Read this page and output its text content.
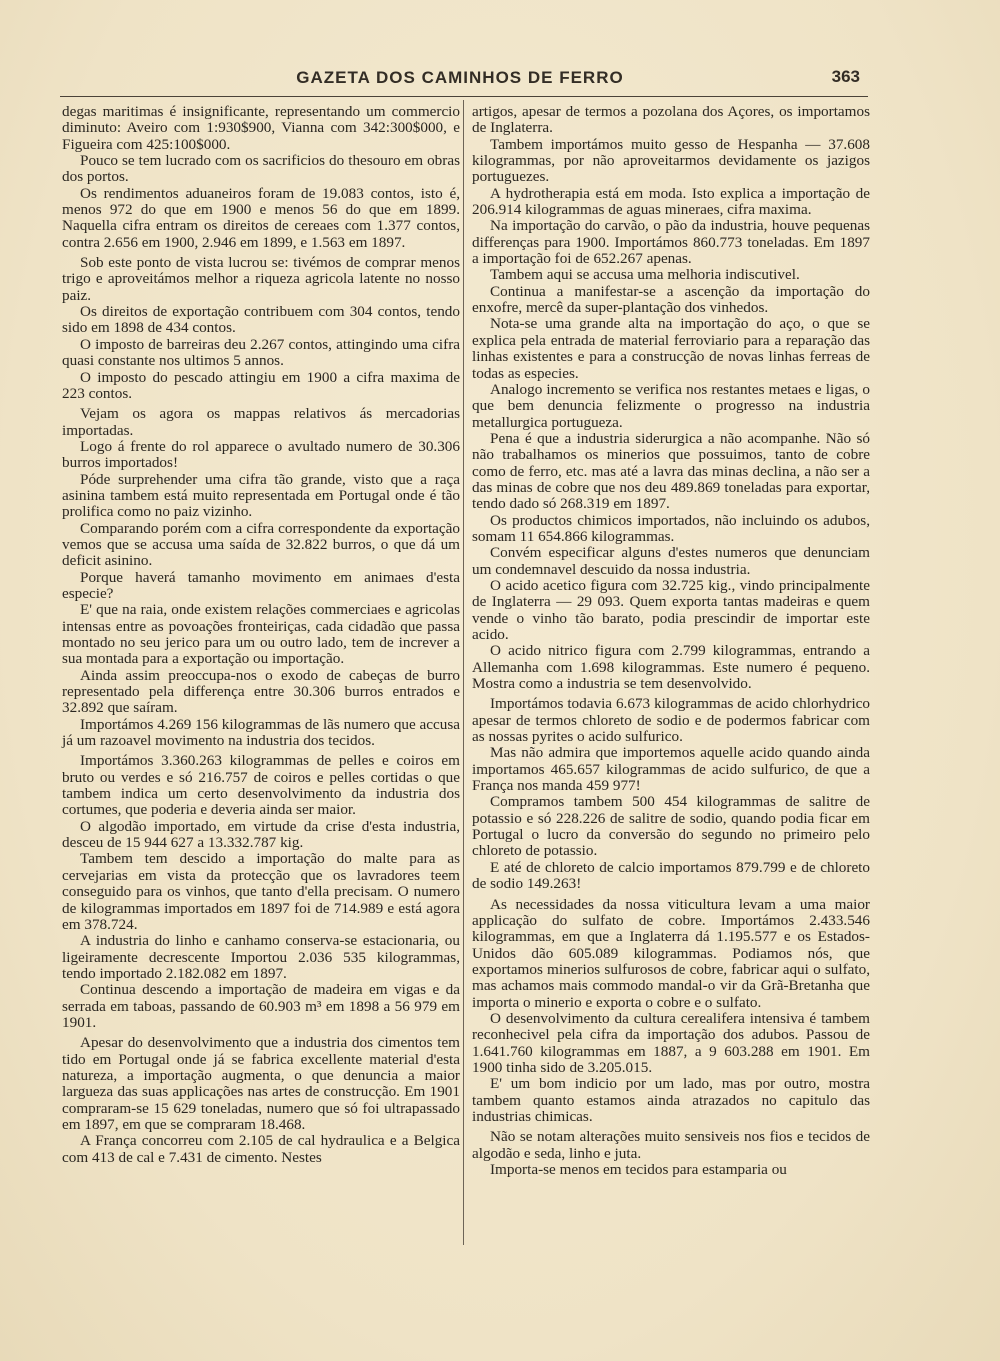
GAZETA DOS CAMINHOS DE FERRO	363

degas maritimas é insignificante, representando um commercio diminuto: Aveiro com 1:930$900, Vianna com 342:300$000, e Figueira com 425:100$000.

Pouco se tem lucrado com os sacrificios do thesouro em obras dos portos.

Os rendimentos aduaneiros foram de 19.083 contos, isto é, menos 972 do que em 1900 e menos 56 do que em 1899. Naquella cifra entram os direitos de cereaes com 1.377 contos, contra 2.656 em 1900, 2.946 em 1899, e 1.563 em 1897.

Sob este ponto de vista lucrou se: tivémos de comprar menos trigo e aproveitámos melhor a riqueza agricola latente no nosso paiz.

Os direitos de exportação contribuem com 304 contos, tendo sido em 1898 de 434 contos.

O imposto de barreiras deu 2.267 contos, attingindo uma cifra quasi constante nos ultimos 5 annos.

O imposto do pescado attingiu em 1900 a cifra maxima de 223 contos.

Vejam os agora os mappas relativos ás mercadorias importadas.

Logo á frente do rol apparece o avultado numero de 30.306 burros importados!

Póde surprehender uma cifra tão grande, visto que a raça asinina tambem está muito representada em Portugal onde é tão prolifica como no paiz vizinho.

Comparando porém com a cifra correspondente da exportação vemos que se accusa uma saída de 32.822 burros, o que dá um deficit asinino.

Porque haverá tamanho movimento em animaes d'esta especie?

E' que na raia, onde existem relações commerciaes e agricolas intensas entre as povoações fronteiriças, cada cidadão que passa montado no seu jerico para um ou outro lado, tem de increver a sua montada para a exportação ou importação.

Ainda assim preoccupa-nos o exodo de cabeças de burro representado pela differença entre 30.306 burros entrados e 32.892 que saíram.

Importámos 4.269 156 kilogrammas de lãs numero que accusa já um razoavel movimento na industria dos tecidos.

Importámos 3.360.263 kilogrammas de pelles e coiros em bruto ou verdes e só 216.757 de coiros e pelles cortidas o que tambem indica um certo desenvolvimento da industria dos cortumes, que poderia e deveria ainda ser maior.

O algodão importado, em virtude da crise d'esta industria, desceu de 15 944 627 a 13.332.787 kig.

Tambem tem descido a importação do malte para as cervejarias em vista da protecção que os lavradores teem conseguido para os vinhos, que tanto d'ella precisam. O numero de kilogrammas importados em 1897 foi de 714.989 e está agora em 378.724.

A industria do linho e canhamo conserva-se estacionaria, ou ligeiramente decrescente Importou 2.036 535 kilogrammas, tendo importado 2.182.082 em 1897.

Continua descendo a importação de madeira em vigas e da serrada em taboas, passando de 60.903 m³ em 1898 a 56 979 em 1901.

Apesar do desenvolvimento que a industria dos cimentos tem tido em Portugal onde já se fabrica excellente material d'esta natureza, a importação augmenta, o que denuncia a maior largueza das suas applicações nas artes de construcção. Em 1901 compraram-se 15 629 toneladas, numero que só foi ultrapassado em 1897, em que se compraram 18.468.

A França concorreu com 2.105 de cal hydraulica e a Belgica com 413 de cal e 7.431 de cimento. Nestes

artigos, apesar de termos a pozolana dos Açores, os importamos de Inglaterra.

Tambem importámos muito gesso de Hespanha — 37.608 kilogrammas, por não aproveitarmos devidamente os jazigos portuguezes.

A hydrotherapia está em moda. Isto explica a importação de 206.914 kilogrammas de aguas mineraes, cifra maxima.

Na importação do carvão, o pão da industria, houve pequenas differenças para 1900. Importámos 860.773 toneladas. Em 1897 a importação foi de 652.267 apenas.

Tambem aqui se accusa uma melhoria indiscutivel.

Continua a manifestar-se a ascenção da importação do enxofre, mercê da super-plantação dos vinhedos.

Nota-se uma grande alta na importação do aço, o que se explica pela entrada de material ferroviario para a reparação das linhas existentes e para a construcção de novas linhas ferreas de todas as especies.

Analogo incremento se verifica nos restantes metaes e ligas, o que bem denuncia felizmente o progresso na industria metallurgica portugueza.

Pena é que a industria siderurgica a não acompanhe. Não só não trabalhamos os minerios que possuimos, tanto de cobre como de ferro, etc. mas até a lavra das minas declina, a não ser a das minas de cobre que nos deu 489.869 toneladas para exportar, tendo dado só 268.319 em 1897.

Os productos chimicos importados, não incluindo os adubos, somam 11 654.866 kilogrammas.

Convém especificar alguns d'estes numeros que denunciam um condemnavel descuido da nossa industria.

O acido acetico figura com 32.725 kig., vindo principalmente de Inglaterra — 29 093. Quem exporta tantas madeiras e quem vende o vinho tão barato, podia prescindir de importar este acido.

O acido nitrico figura com 2.799 kilogrammas, entrando a Allemanha com 1.698 kilogrammas. Este numero é pequeno. Mostra como a industria se tem desenvolvido.

Importámos todavia 6.673 kilogrammas de acido chlorhydrico apesar de termos chloreto de sodio e de podermos fabricar com as nossas pyrites o acido sulfurico.

Mas não admira que importemos aquelle acido quando ainda importamos 465.657 kilogrammas de acido sulfurico, de que a França nos manda 459 977!

Compramos tambem 500 454 kilogrammas de salitre de potassio e só 228.226 de salitre de sodio, quando podia ficar em Portugal o lucro da conversão do segundo no primeiro pelo chloreto de potassio.

E até de chloreto de calcio importamos 879.799 e de chloreto de sodio 149.263!

As necessidades da nossa viticultura levam a uma maior applicação do sulfato de cobre. Importámos 2.433.546 kilogrammas, em que a Inglaterra dá 1.195.577 e os Estados-Unidos dão 605.089 kilogrammas. Podiamos nós, que exportamos minerios sulfurosos de cobre, fabricar aqui o sulfato, mas achamos mais commodo mandal-o vir da Grã-Bretanha que importa o minerio e exporta o cobre e o sulfato.

O desenvolvimento da cultura cerealifera intensiva é tambem reconhecivel pela cifra da importação dos adubos. Passou de 1.641.760 kilogrammas em 1887, a 9 603.288 em 1901. Em 1900 tinha sido de 3.205.015.

E' um bom indicio por um lado, mas por outro, mostra tambem quanto estamos ainda atrazados no capitulo das industrias chimicas.

Não se notam alterações muito sensiveis nos fios e tecidos de algodão e seda, linho e juta.

Importa-se menos em tecidos para estamparia ou
